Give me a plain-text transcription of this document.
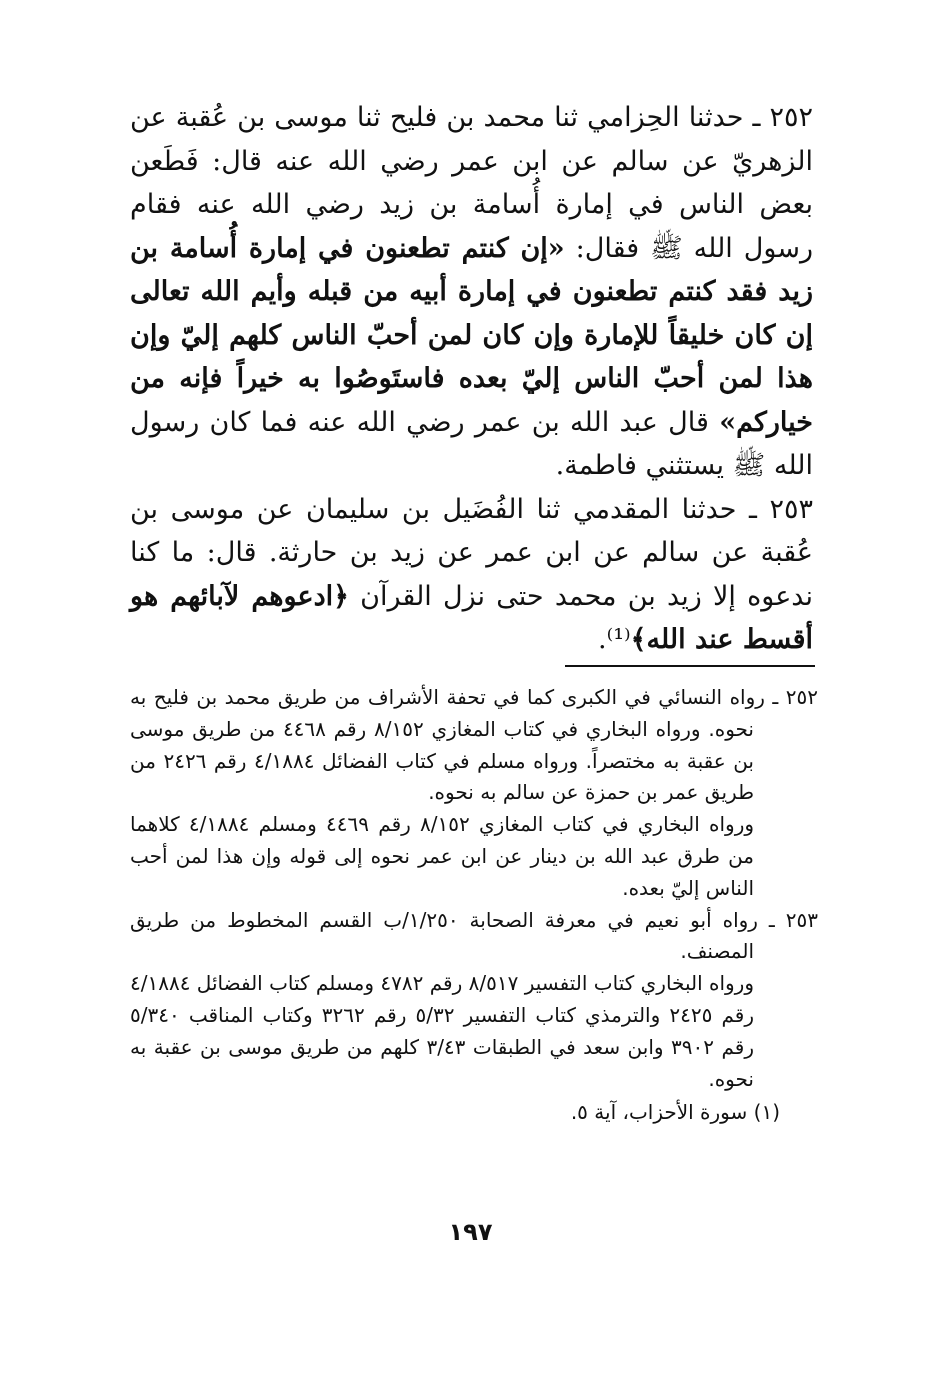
٢٥٢ ـ حدثنا الحِزامي ثنا محمد بن فليح ثنا موسى بن عُقبة عن الزهريّ عن سالم عن ابن عمر رضي الله عنه قال: فَطَعن بعض الناس في إمارة أُسامة بن زيد رضي الله عنه فقام رسول الله ﷺ فقال: «إن كنتم تطعنون في إمارة أُسامة بن زيد فقد كنتم تطعنون في إمارة أبيه من قبله وأيم الله تعالى إن كان خليقاً للإمارة وإن كان لمن أحبّ الناس كلهم إليّ وإن هذا لمن أحبّ الناس إليّ بعده فاستَوصُوا به خيراً فإنه من خياركم» قال عبد الله بن عمر رضي الله عنه فما كان رسول الله ﷺ يستثني فاطمة.

٢٥٣ ـ حدثنا المقدمي ثنا الفُضَيل بن سليمان عن موسى بن عُقبة عن سالم عن ابن عمر عن زيد بن حارثة. قال: ما كنا ندعوه إلا زيد بن محمد حتى نزل القرآن ﴿ادعوهم لآبائهم هو أقسط عند الله﴾⁽¹⁾.

٢٥٢ ـ رواه النسائي في الكبرى كما في تحفة الأشراف من طريق محمد بن فليح به نحوه. ورواه البخاري في كتاب المغازي ٨/١٥٢ رقم ٤٤٦٨ من طريق موسى بن عقبة به مختصراً. ورواه مسلم في كتاب الفضائل ٤/١٨٨٤ رقم ٢٤٢٦ من طريق عمر بن حمزة عن سالم به نحوه.

ورواه البخاري في كتاب المغازي ٨/١٥٢ رقم ٤٤٦٩ ومسلم ٤/١٨٨٤ كلاهما من طرق عبد الله بن دينار عن ابن عمر نحوه إلى قوله وإن هذا لمن أحب الناس إليّ بعده.

٢٥٣ ـ رواه أبو نعيم في معرفة الصحابة ١/٢٥٠/ب القسم المخطوط من طريق المصنف.

ورواه البخاري كتاب التفسير ٨/٥١٧ رقم ٤٧٨٢ ومسلم كتاب الفضائل ٤/١٨٨٤ رقم ٢٤٢٥ والترمذي كتاب التفسير ٥/٣٢ رقم ٣٢٦٢ وكتاب المناقب ٥/٣٤٠ رقم ٣٩٠٢ وابن سعد في الطبقات ٣/٤٣ كلهم من طريق موسى بن عقبة به نحوه.

(١) سورة الأحزاب، آية ٥.

١٩٧
